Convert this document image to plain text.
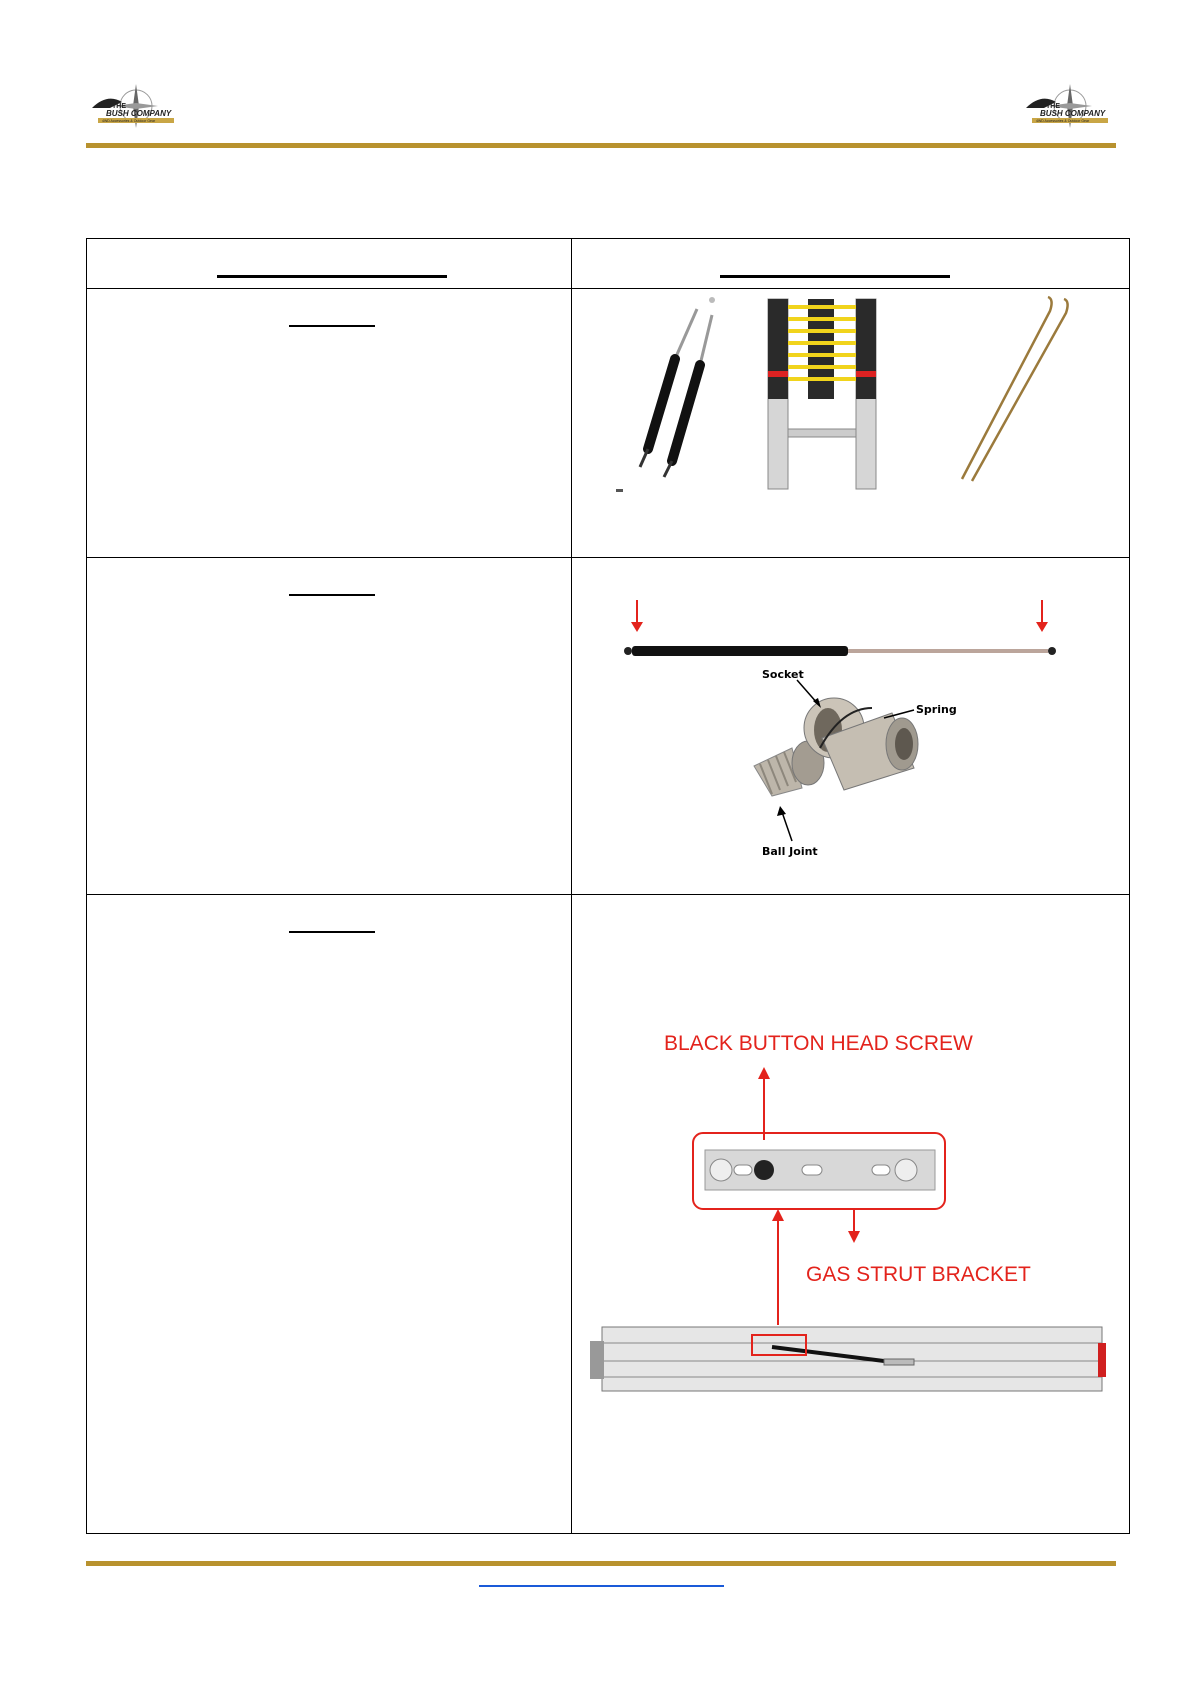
THE
BUSH COMPANY
4WD Accessories & Outdoor Gear
THE
BUSH COMPANY
4WD Accessories & Outdoor Gear

Socket
Spring
Ball Joint

BLACK BUTTON HEAD SCREW
GAS STRUT BRACKET
